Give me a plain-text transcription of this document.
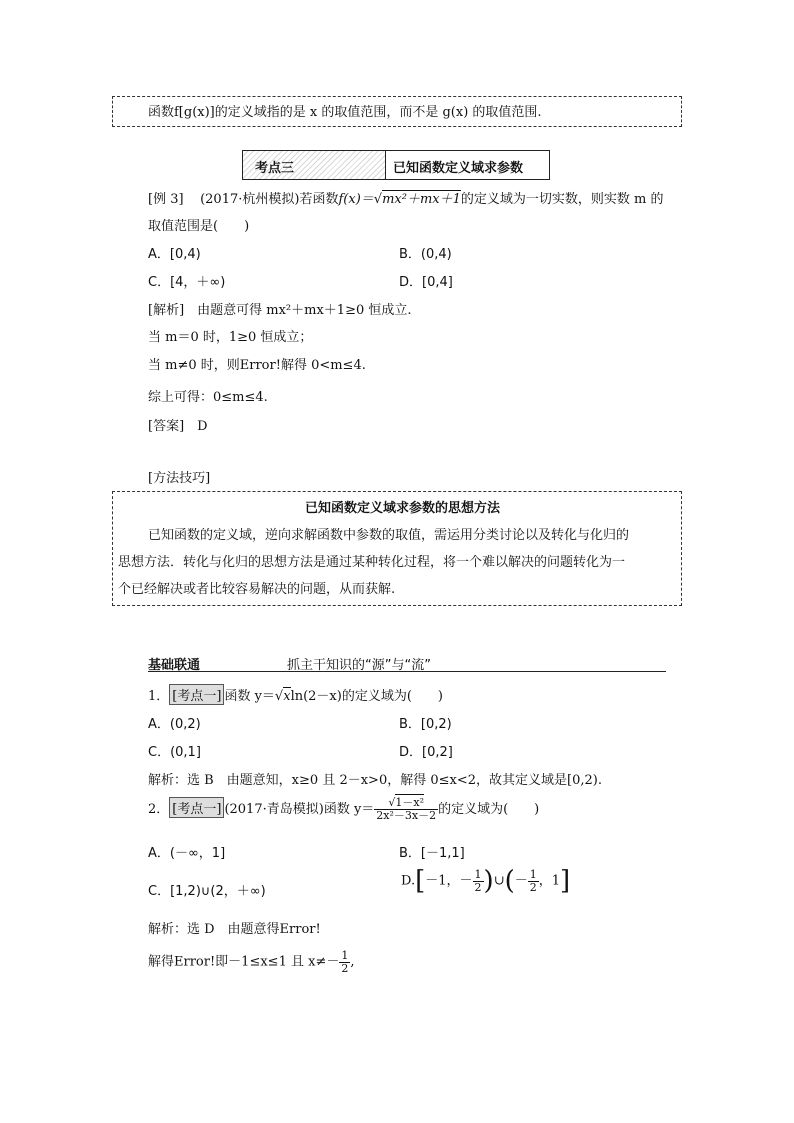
函数f[g(x)]的定义域指的是 x 的取值范围，而不是 g(x) 的取值范围.
考点三	已知函数定义域求参数
[例 3] (2017·杭州模拟)若函数f(x)＝√mx²＋mx＋1的定义域为一切实数，则实数 m 的
取值范围是(　　)
A．[0,4)	B．(0,4)
C．[4，＋∞)	D．[0,4]
[解析]　由题意可得 mx²＋mx＋1≥0 恒成立.
当 m＝0 时，1≥0 恒成立；
当 m≠0 时，则Error!解得 0<m≤4.
综上可得：0≤m≤4.
[答案]　D
[方法技巧]
已知函数定义域求参数的思想方法
已知函数的定义域，逆向求解函数中参数的取值，需运用分类讨论以及转化与化归的
思想方法．转化与化归的思想方法是通过某种转化过程，将一个难以解决的问题转化为一
个已经解决或者比较容易解决的问题，从而获解.
基础联通	抓主干知识的“源”与“流”
1． [考点一] 函数 y＝√xln(2－x)的定义域为(　　)
A．(0,2)	B．[0,2)
C．(0,1]	D．[0,2]
解析：选 B　由题意知，x≥0 且 2－x>0，解得 0≤x<2，故其定义域是[0,2).
2． [考点一] (2017·青岛模拟)函数 $y= \frac{\text{√1－x²}}{\text{2x²－3x－2}}$ 的定义域为(　　)
A．(－∞，1]	B．[－1,1]
C．[1,2)∪(2，＋∞)
D.[－1，－ $\frac{1}{2}$ )∪(－ $\frac{1}{2}$ ，1]
解析：选 D　由题意得Error!
解得Error!即－1≤x≤1 且 $x\ne- \frac{1}{2}$ ,
